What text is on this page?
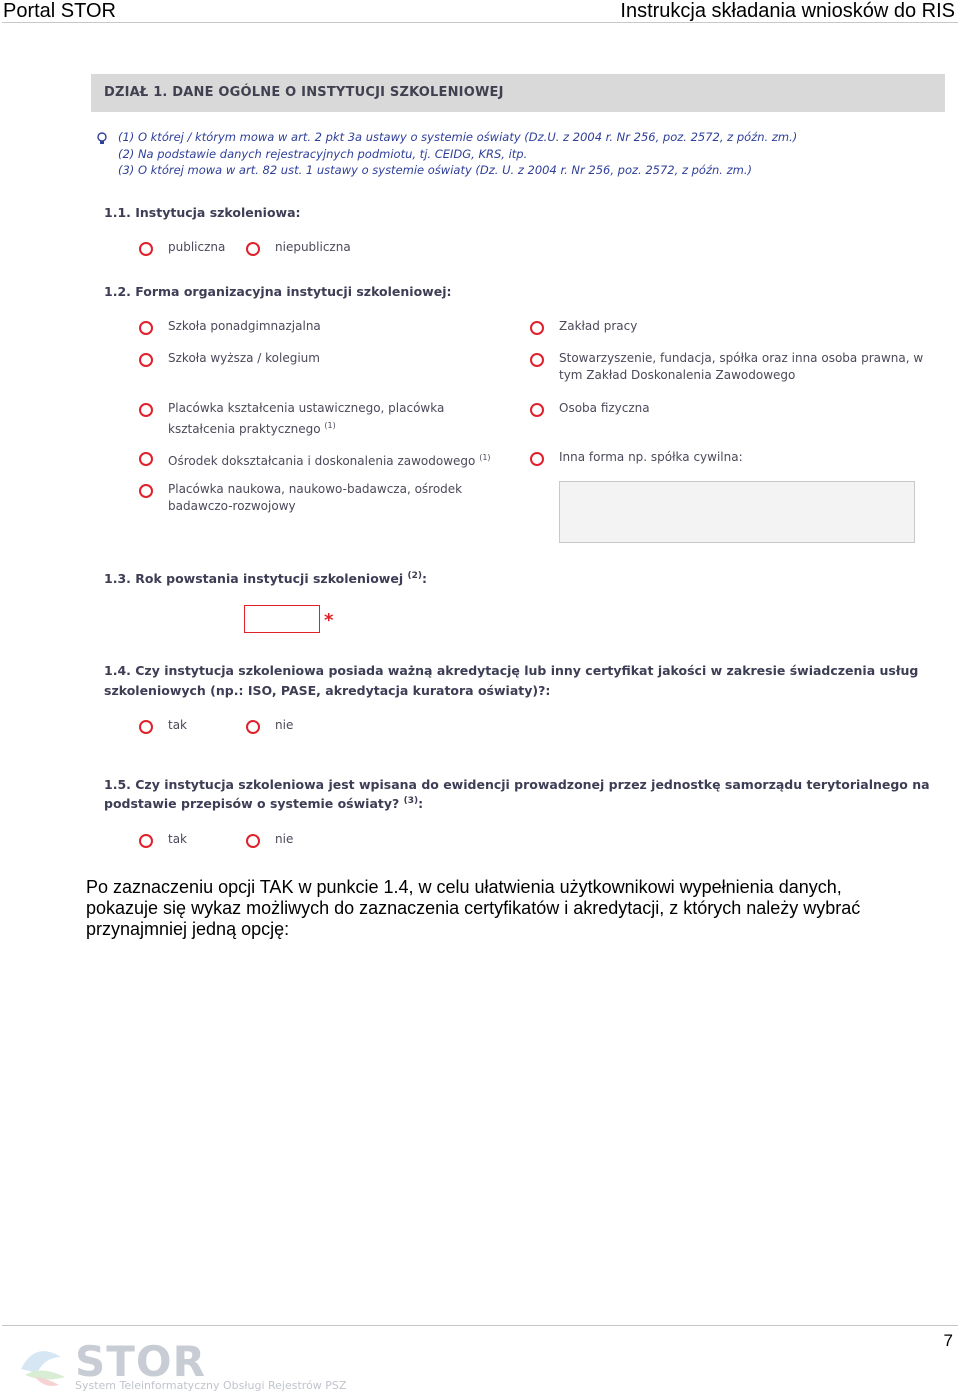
Portal STOR	Instrukcja składania wniosków do RIS
DZIAŁ 1. DANE OGÓLNE O INSTYTUCJI SZKOLENIOWEJ
(1) O której / którym mowa w art. 2 pkt 3a ustawy o systemie oświaty (Dz.U. z 2004 r. Nr 256, poz. 2572, z późn. zm.)
(2) Na podstawie danych rejestracyjnych podmiotu, tj. CEIDG, KRS, itp.
(3) O której mowa w art. 82 ust. 1 ustawy o systemie oświaty (Dz. U. z 2004 r. Nr 256, poz. 2572, z późn. zm.)
1.1. Instytucja szkoleniowa:
publiczna	niepubliczna
1.2. Forma organizacyjna instytucji szkoleniowej:
Szkoła ponadgimnazjalna	Zakład pracy
Szkoła wyższa / kolegium	Stowarzyszenie, fundacja, spółka oraz inna osoba prawna, w tym Zakład Doskonalenia Zawodowego
Placówka kształcenia ustawicznego, placówka kształcenia praktycznego $^{(1)}$
Osoba fizyczna
Ośrodek dokształcania i doskonalenia zawodowego $^{(1)}$	Inna forma np. spółka cywilna:
Placówka naukowa, naukowo-badawcza, ośrodek badawczo-rozwojowy
1.3. Rok powstania instytucji szkoleniowej $^{(2)}$:
*
1.4. Czy instytucja szkoleniowa posiada ważną akredytację lub inny certyfikat jakości w zakresie świadczenia usług
szkoleniowych (np.: ISO, PASE, akredytacja kuratora oświaty)?:
tak	nie
1.5. Czy instytucja szkoleniowa jest wpisana do ewidencji prowadzonej przez jednostkę samorządu terytorialnego na
podstawie przepisów o systemie oświaty? $^{(3)}$:
tak	nie
Po zaznaczeniu opcji TAK w punkcie 1.4, w celu ułatwienia użytkownikowi wypełnienia danych, pokazuje się wykaz możliwych do zaznaczenia certyfikatów i akredytacji, z których należy wybrać przynajmniej jedną opcję:
7
STOR
System Teleinformatyczny Obsługi Rejestrów PSZ
